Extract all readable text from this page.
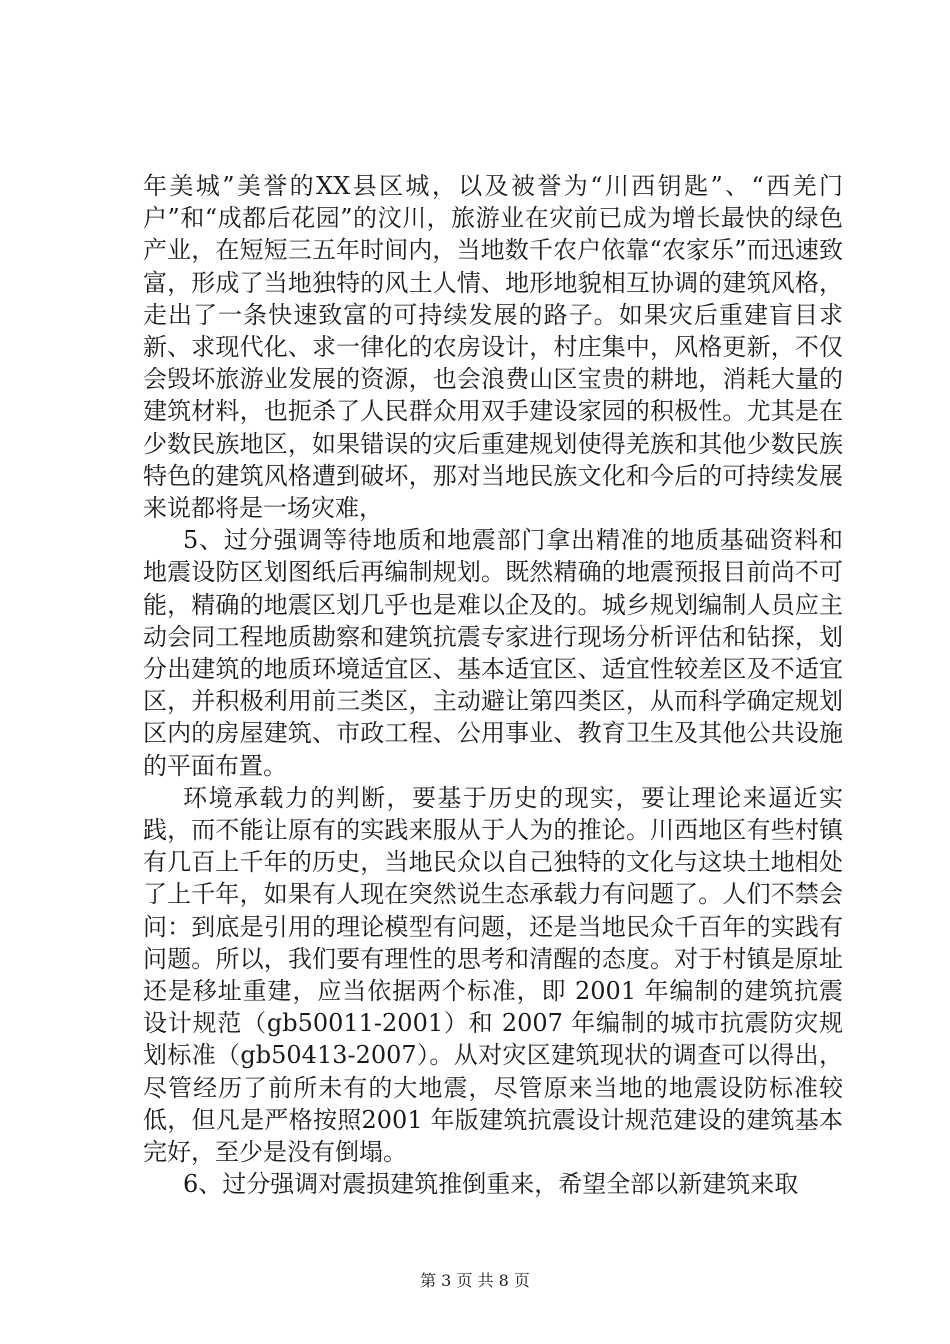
年美城”美誉的XX县区城，以及被誉为“川西钥匙”、“西羌门户”和“成都后花园”的汶川，旅游业在灾前已成为增长最快的绿色产业，在短短三五年时间内，当地数千农户依靠“农家乐”而迅速致富，形成了当地独特的风土人情、地形地貌相互协调的建筑风格，走出了一条快速致富的可持续发展的路子。如果灾后重建盲目求新、求现代化、求一律化的农房设计，村庄集中，风格更新，不仅会毁坏旅游业发展的资源，也会浪费山区宝贵的耕地，消耗大量的建筑材料，也扼杀了人民群众用双手建设家园的积极性。尤其是在少数民族地区，如果错误的灾后重建规划使得羌族和其他少数民族特色的建筑风格遭到破坏，那对当地民族文化和今后的可持续发展来说都将是一场灾难，

5、过分强调等待地质和地震部门拿出精准的地质基础资料和地震设防区划图纸后再编制规划。既然精确的地震预报目前尚不可能，精确的地震区划几乎也是难以企及的。城乡规划编制人员应主动会同工程地质勘察和建筑抗震专家进行现场分析评估和钻探，划分出建筑的地质环境适宜区、基本适宜区、适宜性较差区及不适宜区，并积极利用前三类区，主动避让第四类区，从而科学确定规划区内的房屋建筑、市政工程、公用事业、教育卫生及其他公共设施的平面布置。

环境承载力的判断，要基于历史的现实，要让理论来逼近实践，而不能让原有的实践来服从于人为的推论。川西地区有些村镇有几百上千年的历史，当地民众以自己独特的文化与这块土地相处了上千年，如果有人现在突然说生态承载力有问题了。人们不禁会问：到底是引用的理论模型有问题，还是当地民众千百年的实践有问题。所以，我们要有理性的思考和清醒的态度。对于村镇是原址还是移址重建，应当依据两个标准，即 2001 年编制的建筑抗震设计规范（gb50011-2001）和 2007 年编制的城市抗震防灾规划标准（gb50413-2007）。从对灾区建筑现状的调查可以得出，尽管经历了前所未有的大地震，尽管原来当地的地震设防标准较低，但凡是严格按照2001 年版建筑抗震设计规范建设的建筑基本完好，至少是没有倒塌。

6、过分强调对震损建筑推倒重来，希望全部以新建筑来取

第 3 页 共 8 页
